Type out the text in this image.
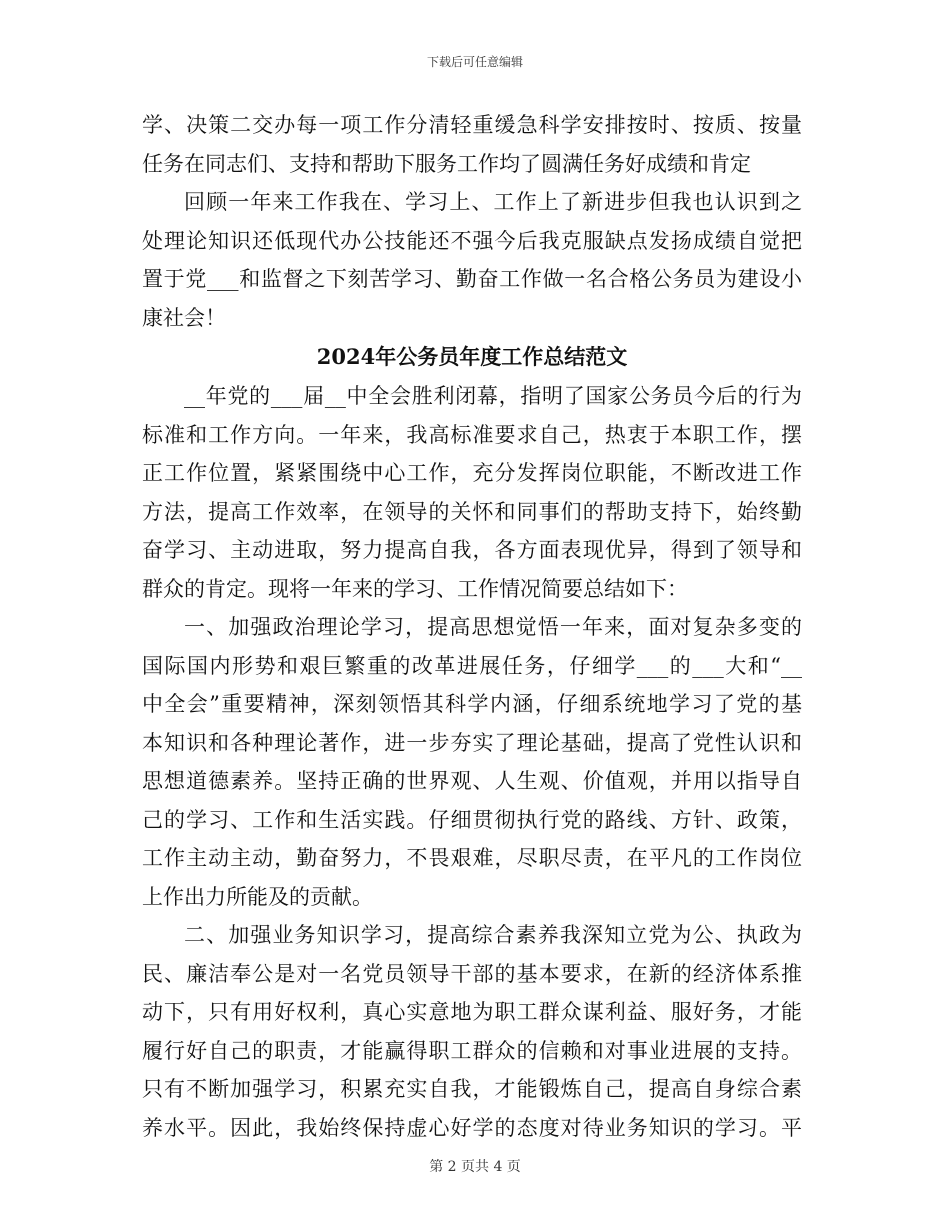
下载后可任意编辑
学、决策二交办每一项工作分清轻重缓急科学安排按时、按质、按量
任务在同志们、支持和帮助下服务工作均了圆满任务好成绩和肯定
回顾一年来工作我在、学习上、工作上了新进步但我也认识到之
处理论知识还低现代办公技能还不强今后我克服缺点发扬成绩自觉把
置于党___和监督之下刻苦学习、勤奋工作做一名合格公务员为建设小
康社会！
2024年公务员年度工作总结范文
__年党的___届__中全会胜利闭幕，指明了国家公务员今后的行为
标准和工作方向。一年来，我高标准要求自己，热衷于本职工作，摆
正工作位置，紧紧围绕中心工作，充分发挥岗位职能，不断改进工作
方法，提高工作效率，在领导的关怀和同事们的帮助支持下，始终勤
奋学习、主动进取，努力提高自我，各方面表现优异，得到了领导和
群众的肯定。现将一年来的学习、工作情况简要总结如下：
一、加强政治理论学习，提高思想觉悟一年来，面对复杂多变的
国际国内形势和艰巨繁重的改革进展任务，仔细学___的___大和“__
中全会”重要精神，深刻领悟其科学内涵，仔细系统地学习了党的基
本知识和各种理论著作，进一步夯实了理论基础，提高了党性认识和
思想道德素养。坚持正确的世界观、人生观、价值观，并用以指导自
己的学习、工作和生活实践。仔细贯彻执行党的路线、方针、政策，
工作主动主动，勤奋努力，不畏艰难，尽职尽责，在平凡的工作岗位
上作出力所能及的贡献。
二、加强业务知识学习，提高综合素养我深知立党为公、执政为
民、廉洁奉公是对一名党员领导干部的基本要求，在新的经济体系推
动下，只有用好权利，真心实意地为职工群众谋利益、服好务，才能
履行好自己的职责，才能赢得职工群众的信赖和对事业进展的支持。
只有不断加强学习，积累充实自我，才能锻炼自己，提高自身综合素
养水平。因此，我始终保持虚心好学的态度对待业务知识的学习。平
第 2 页共 4 页
